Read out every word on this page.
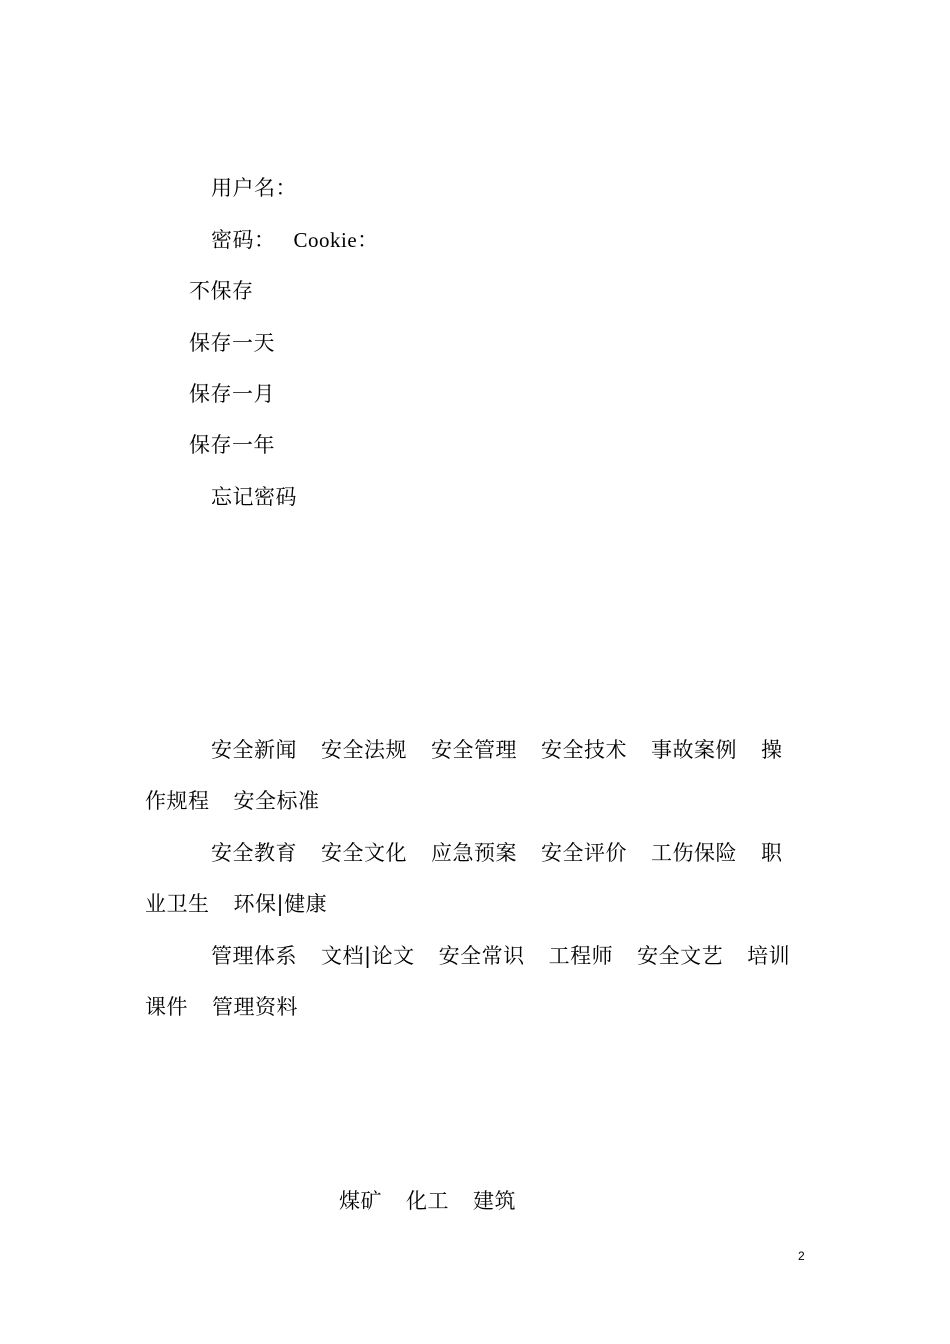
用户名：
密码： Cookie：
不保存
保存一天
保存一月
保存一年
忘记密码
安全新闻 安全法规 安全管理 安全技术 事故案例 操
作规程 安全标准
安全教育 安全文化 应急预案 安全评价 工伤保险 职
业卫生 环保|健康
管理体系 文档|论文 安全常识 工程师 安全文艺 培训
课件 管理资料
煤矿 化工 建筑
2
